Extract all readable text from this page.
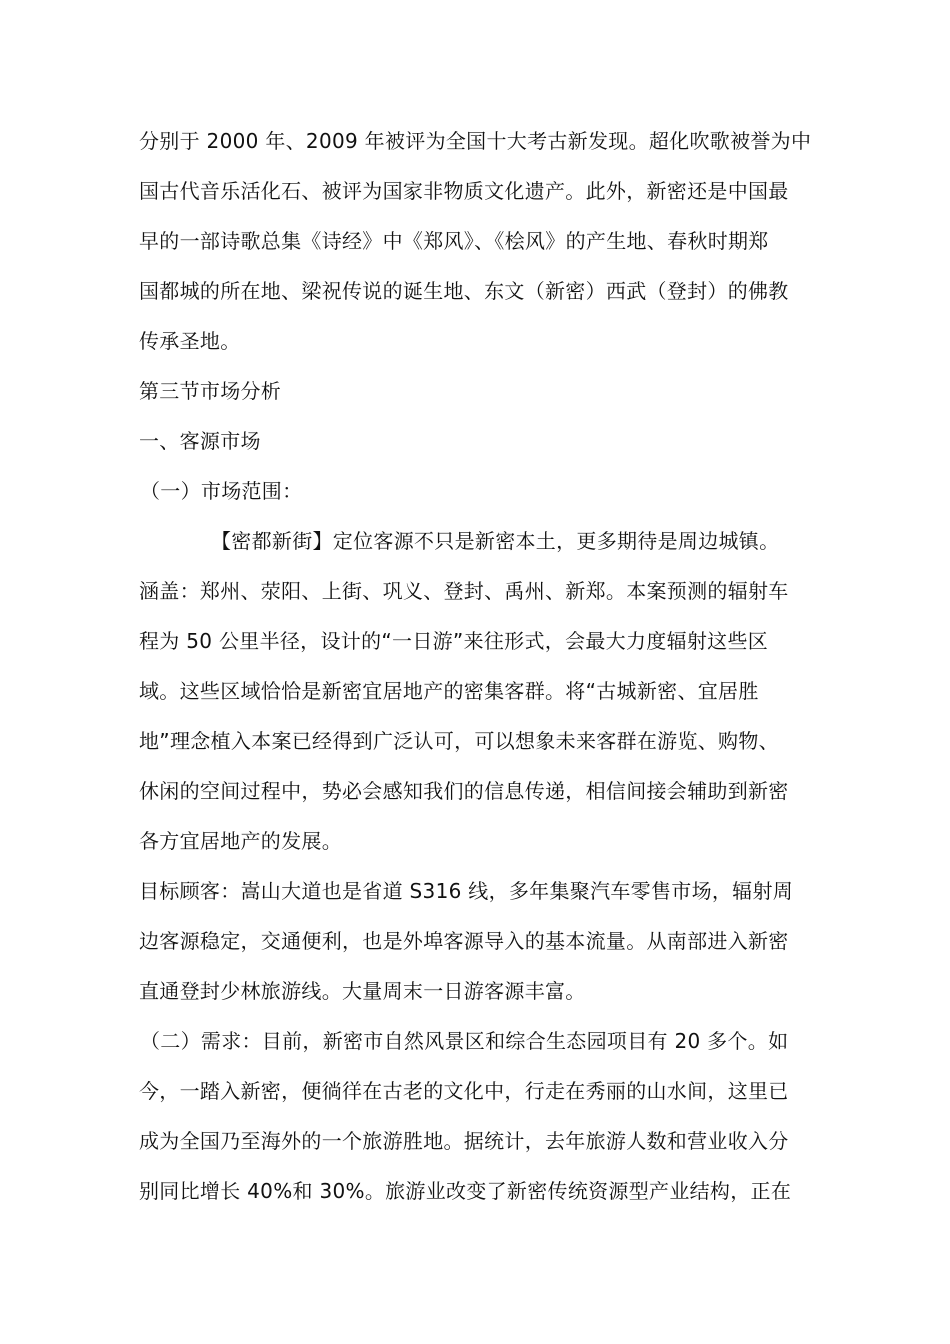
分别于 2000 年、2009 年被评为全国十大考古新发现。超化吹歌被誉为中
国古代音乐活化石、被评为国家非物质文化遗产。此外，新密还是中国最
早的一部诗歌总集《诗经》中《郑风》、《桧风》的产生地、春秋时期郑
国都城的所在地、梁祝传说的诞生地、东文（新密）西武（登封）的佛教
传承圣地。
第三节市场分析
一、客源市场
（一）市场范围：
【密都新街】定位客源不只是新密本土，更多期待是周边城镇。
涵盖：郑州、荥阳、上街、巩义、登封、禹州、新郑。本案预测的辐射车
程为 50 公里半径，设计的“一日游”来往形式，会最大力度辐射这些区
域。这些区域恰恰是新密宜居地产的密集客群。将“古城新密、宜居胜
地”理念植入本案已经得到广泛认可，可以想象未来客群在游览、购物、
休闲的空间过程中，势必会感知我们的信息传递，相信间接会辅助到新密
各方宜居地产的发展。
目标顾客：嵩山大道也是省道 S316 线，多年集聚汽车零售市场，辐射周
边客源稳定，交通便利，也是外埠客源导入的基本流量。从南部进入新密
直通登封少林旅游线。大量周末一日游客源丰富。
（二）需求：目前，新密市自然风景区和综合生态园项目有 20 多个。如
今，一踏入新密，便徜徉在古老的文化中，行走在秀丽的山水间，这里已
成为全国乃至海外的一个旅游胜地。据统计，去年旅游人数和营业收入分
别同比增长 40%和 30%。旅游业改变了新密传统资源型产业结构，正在
